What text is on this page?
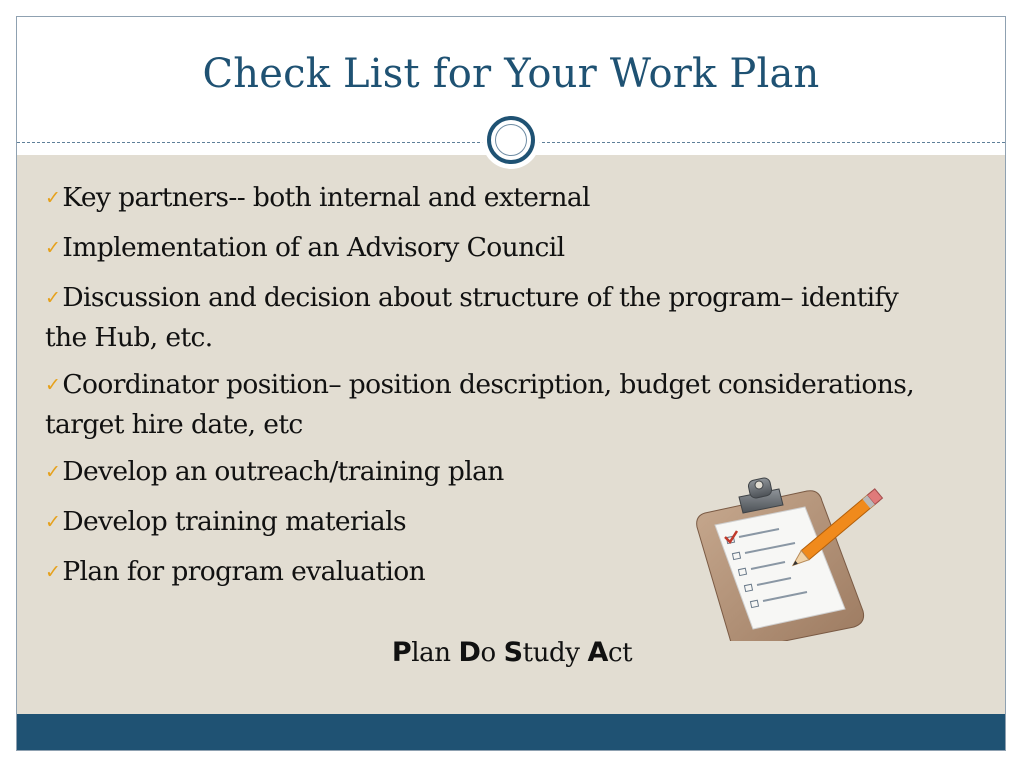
Check List for Your Work Plan
✓Key partners-- both internal and external
✓Implementation of an Advisory Council
✓Discussion and decision about structure of the program– identify the Hub, etc.
✓Coordinator position– position description, budget considerations, target hire date, etc
✓Develop an outreach/training plan
✓Develop training materials
✓Plan for program evaluation
Plan Do Study Act
